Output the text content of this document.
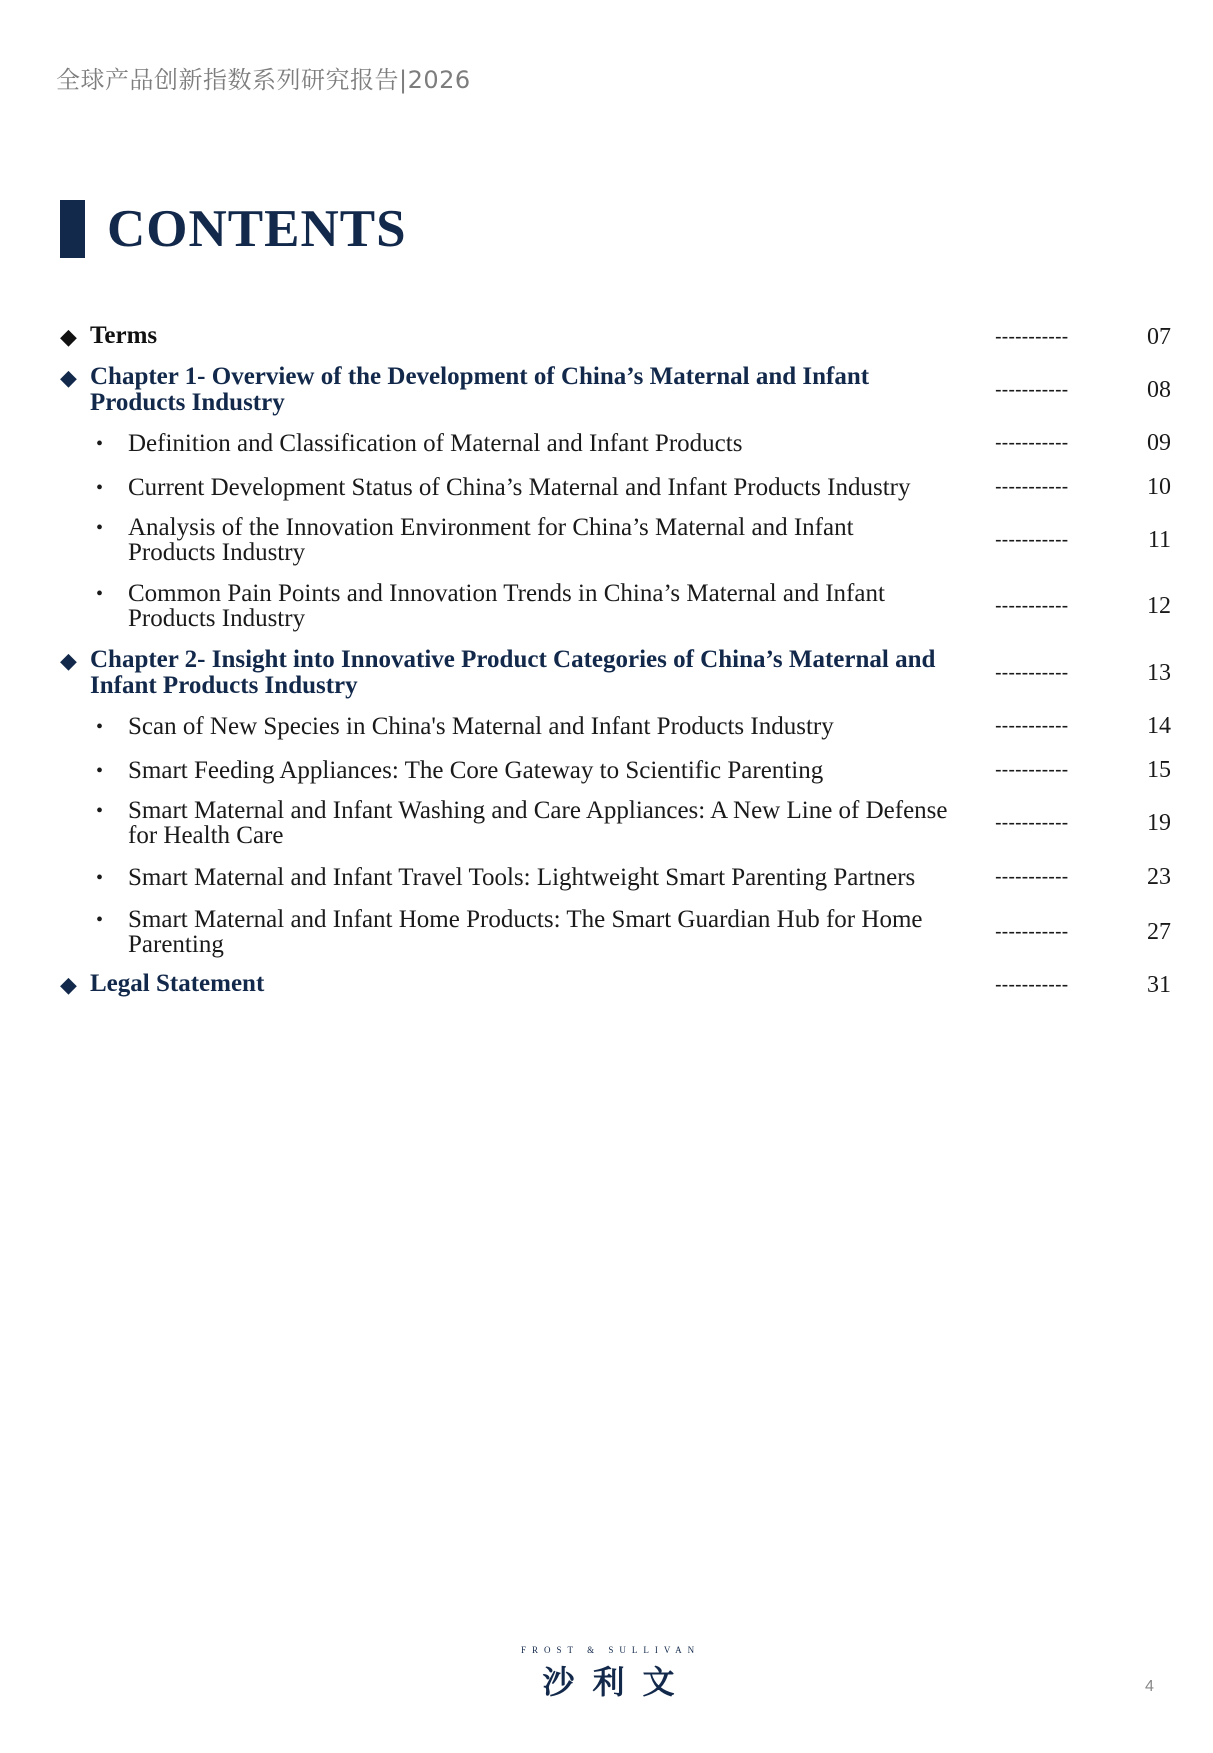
全球产品创新指数系列研究报告|2026
CONTENTS
◆ Terms	-----------	07
◆ Chapter 1- Overview of the Development of China’s Maternal and Infant Products Industry	-----------	08
• Definition and Classification of Maternal and Infant Products	-----------	09
• Current Development Status of China’s Maternal and Infant Products Industry	-----------	10
• Analysis of the Innovation Environment for China’s Maternal and Infant Products Industry	-----------	11
• Common Pain Points and Innovation Trends in China’s Maternal and Infant Products Industry	-----------	12
◆ Chapter 2- Insight into Innovative Product Categories of China’s Maternal and Infant Products Industry	-----------	13
• Scan of New Species in China's Maternal and Infant Products Industry	-----------	14
• Smart Feeding Appliances: The Core Gateway to Scientific Parenting	-----------	15
• Smart Maternal and Infant Washing and Care Appliances: A New Line of Defense for Health Care	-----------	19
• Smart Maternal and Infant Travel Tools: Lightweight Smart Parenting Partners	-----------	23
• Smart Maternal and Infant Home Products: The Smart Guardian Hub for Home Parenting	-----------	27
◆ Legal Statement	-----------	31
FROST & SULLIVAN
沙利文	4
